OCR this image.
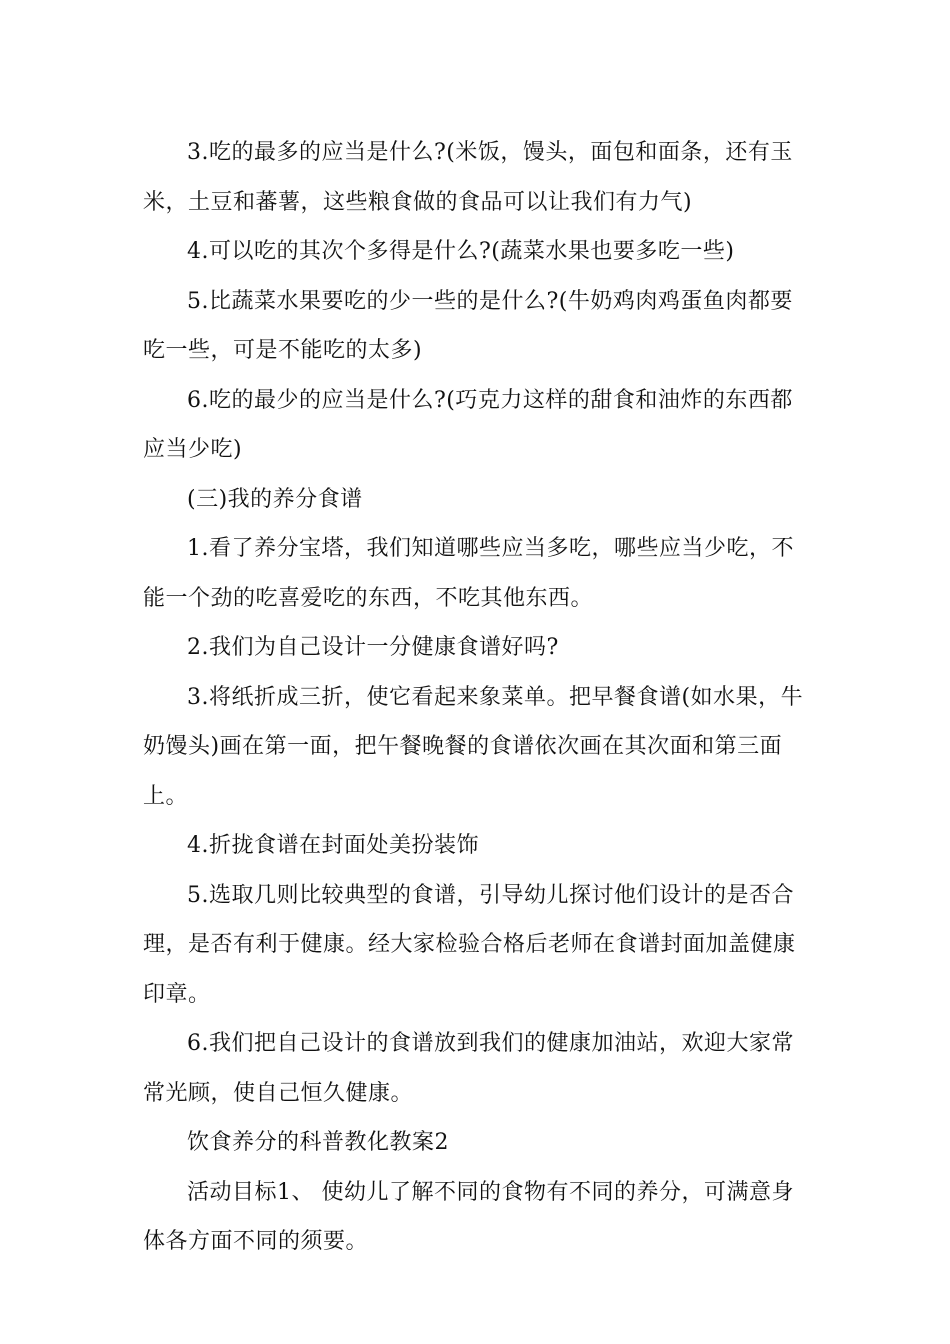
3.吃的最多的应当是什么?(米饭，馒头，面包和面条，还有玉米，土豆和蕃薯，这些粮食做的食品可以让我们有力气)

4.可以吃的其次个多得是什么?(蔬菜水果也要多吃一些)

5.比蔬菜水果要吃的少一些的是什么?(牛奶鸡肉鸡蛋鱼肉都要吃一些，可是不能吃的太多)

6.吃的最少的应当是什么?(巧克力这样的甜食和油炸的东西都应当少吃)

(三)我的养分食谱

1.看了养分宝塔，我们知道哪些应当多吃，哪些应当少吃，不能一个劲的吃喜爱吃的东西，不吃其他东西。

2.我们为自己设计一分健康食谱好吗?

3.将纸折成三折，使它看起来象菜单。把早餐食谱(如水果，牛奶馒头)画在第一面，把午餐晚餐的食谱依次画在其次面和第三面上。

4.折拢食谱在封面处美扮装饰

5.选取几则比较典型的食谱，引导幼儿探讨他们设计的是否合理，是否有利于健康。经大家检验合格后老师在食谱封面加盖健康印章。

6.我们把自己设计的食谱放到我们的健康加油站，欢迎大家常常光顾，使自己恒久健康。

饮食养分的科普教化教案2

活动目标1、 使幼儿了解不同的食物有不同的养分，可满意身体各方面不同的须要。
